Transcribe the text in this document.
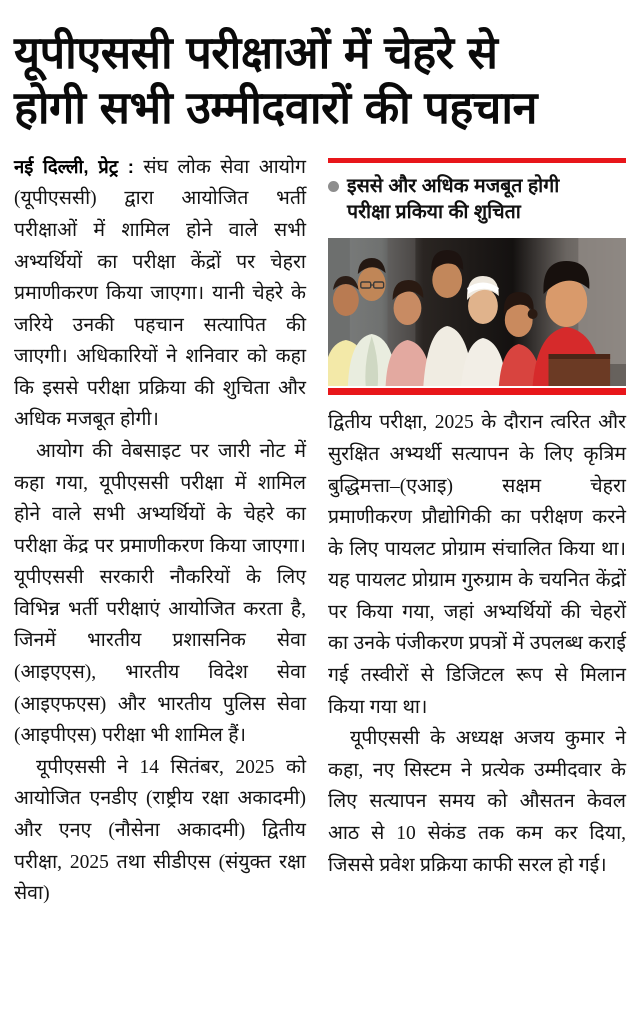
यूपीएससी परीक्षाओं में चेहरे से
होगी सभी उम्मीदवारों की पहचान

नई दिल्ली, प्रेट्र : संघ लोक सेवा आयोग (यूपीएससी) द्वारा आयोजित भर्ती परीक्षाओं में शामिल होने वाले सभी अभ्यर्थियों का परीक्षा केंद्रों पर चेहरा प्रमाणीकरण किया जाएगा। यानी चेहरे के जरिये उनकी पहचान सत्यापित की जाएगी। अधिकारियों ने शनिवार को कहा कि इससे परीक्षा प्रक्रिया की शुचिता और अधिक मजबूत होगी।

आयोग की वेबसाइट पर जारी नोट में कहा गया, यूपीएससी परीक्षा में शामिल होने वाले सभी अभ्यर्थियों के चेहरे का परीक्षा केंद्र पर प्रमाणीकरण किया जाएगा। यूपीएससी सरकारी नौकरियों के लिए विभिन्न भर्ती परीक्षाएं आयोजित करता है, जिनमें भारतीय प्रशासनिक सेवा (आइएएस), भारतीय विदेश सेवा (आइएफएस) और भारतीय पुलिस सेवा (आइपीएस) परीक्षा भी शामिल हैं।

यूपीएससी ने 14 सितंबर, 2025 को आयोजित एनडीए (राष्ट्रीय रक्षा अकादमी) और एनए (नौसेना अकादमी) द्वितीय परीक्षा, 2025 तथा सीडीएस (संयुक्त रक्षा सेवा)

इससे और अधिक मजबूत होगी
परीक्षा प्रकिया की शुचिता

द्वितीय परीक्षा, 2025 के दौरान त्वरित और सुरक्षित अभ्यर्थी सत्यापन के लिए कृत्रिम बुद्धिमत्ता–(एआइ) सक्षम चेहरा प्रमाणीकरण प्रौद्योगिकी का परीक्षण करने के लिए पायलट प्रोग्राम संचालित किया था। यह पायलट प्रोग्राम गुरुग्राम के चयनित केंद्रों पर किया गया, जहां अभ्यर्थियों की चेहरों का उनके पंजीकरण प्रपत्रों में उपलब्ध कराई गई तस्वीरों से डिजिटल रूप से मिलान किया गया था।

यूपीएससी के अध्यक्ष अजय कुमार ने कहा, नए सिस्टम ने प्रत्येक उम्मीदवार के लिए सत्यापन समय को औसतन केवल आठ से 10 सेकंड तक कम कर दिया, जिससे प्रवेश प्रक्रिया काफी सरल हो गई।
